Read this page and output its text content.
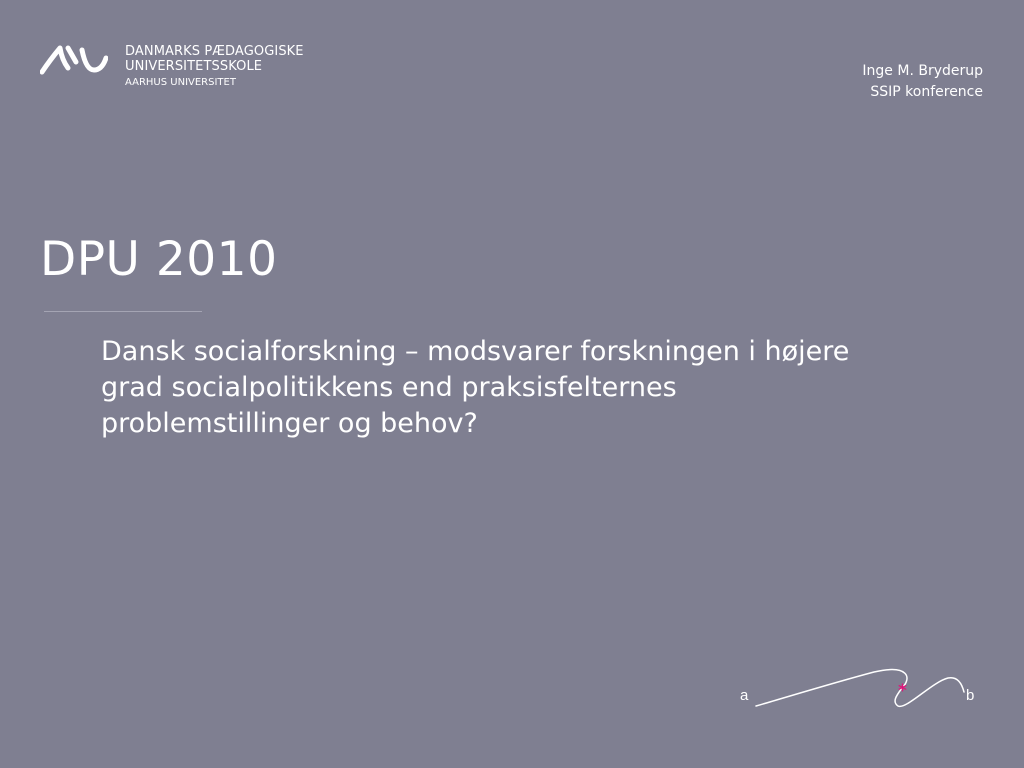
DANMARKS PÆDAGOGISKE
UNIVERSITETSSKOLE
AARHUS UNIVERSITET
Inge M. Bryderup
SSIP konference
DPU 2010

Dansk socialforskning – modsvarer forskningen i højere grad socialpolitikkens end praksisfelternes problemstillinger og behov?

a	*	b
